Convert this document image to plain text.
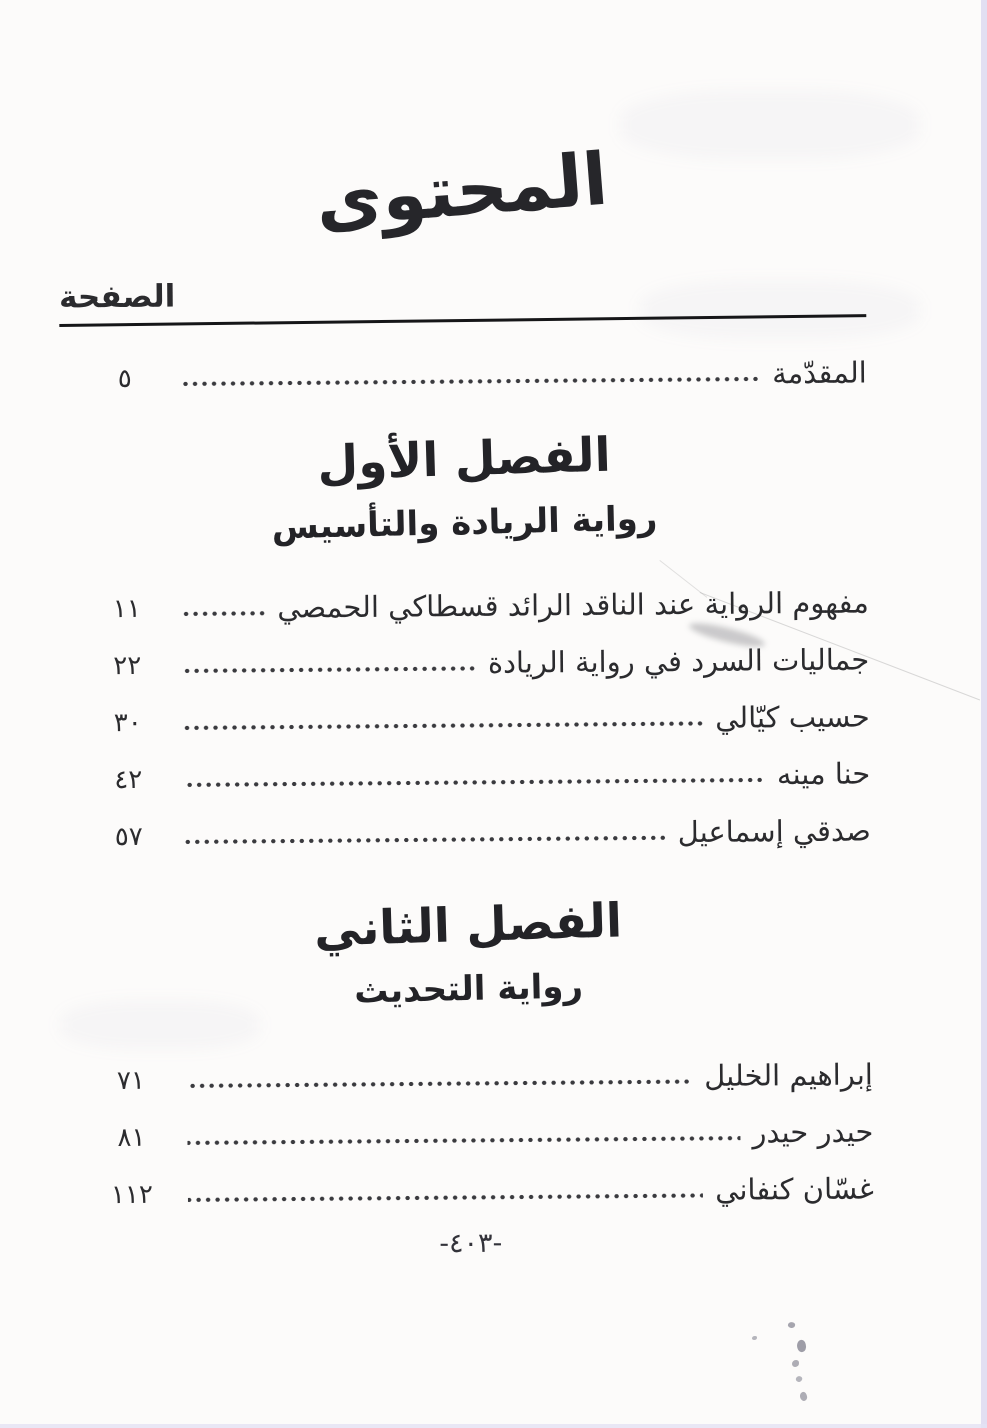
المحتوى
الصفحة
المقدّمة
٥
الفصل الأول
رواية الريادة والتأسيس
مفهوم الرواية عند الناقد الرائد قسطاكي الحمصي
١١
جماليات السرد في رواية الريادة
٢٢
حسيب كيّالي
٣٠
حنا مينه
٤٢
صدقي إسماعيل
٥٧
الفصل الثاني
رواية التحديث
إبراهيم الخليل
٧١
حيدر حيدر
٨١
غسّان كنفاني
١١٢
-٤٠٣-
